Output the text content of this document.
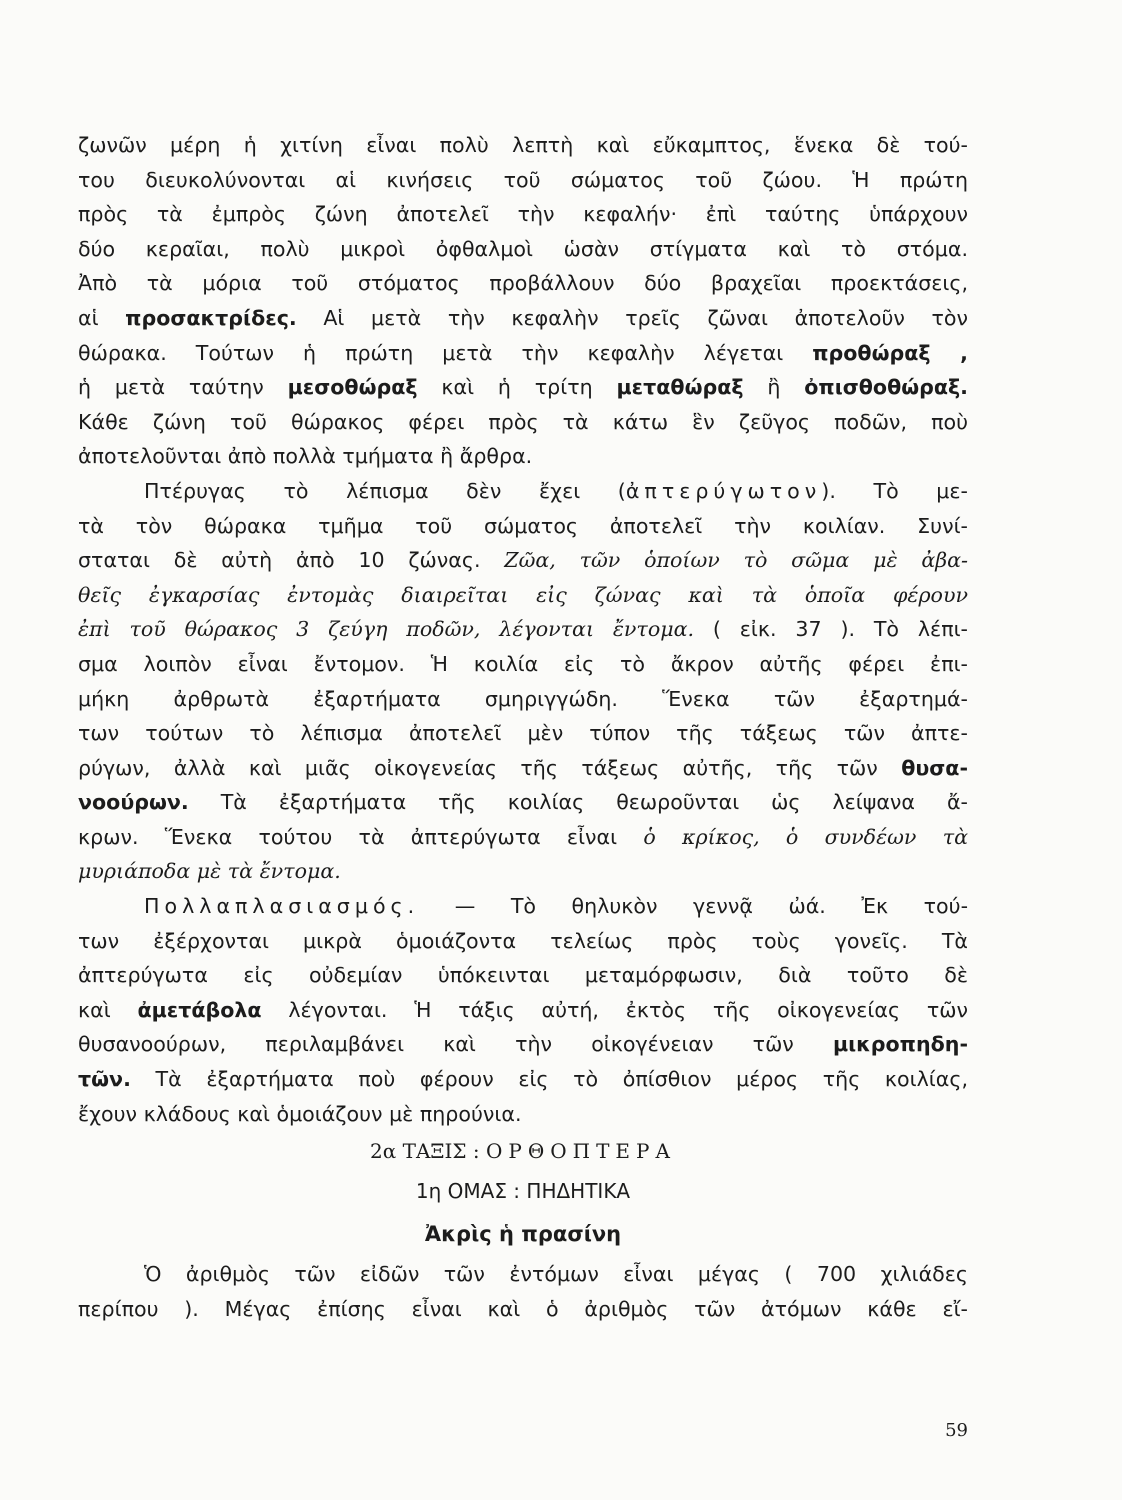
ζωνῶν μέρη ἡ χιτίνη εἶναι πολὺ λεπτὴ καὶ εὔκαμπτος, ἕνεκα δὲ τού-
του διευκολύνονται αἱ κινήσεις τοῦ σώματος τοῦ ζώου. Ἡ πρώτη
πρὸς τὰ ἐμπρὸς ζώνη ἀποτελεῖ τὴν κεφαλήν· ἐπὶ ταύτης ὑπάρχουν
δύο κεραῖαι, πολὺ μικροὶ ὀφθαλμοὶ ὡσὰν στίγματα καὶ τὸ στόμα.
Ἀπὸ τὰ μόρια τοῦ στόματος προβάλλουν δύο βραχεῖαι προεκτάσεις,
αἱ προσακτρίδες. Αἱ μετὰ τὴν κεφαλὴν τρεῖς ζῶναι ἀποτελοῦν τὸν
θώρακα. Τούτων ἡ πρώτη μετὰ τὴν κεφαλὴν λέγεται προθώραξ ,
ἡ μετὰ ταύτην μεσοθώραξ καὶ ἡ τρίτη μεταθώραξ ἢ ὀπισθοθώραξ.
Κάθε ζώνη τοῦ θώρακος φέρει πρὸς τὰ κάτω ἓν ζεῦγος ποδῶν, ποὺ
ἀποτελοῦνται ἀπὸ πολλὰ τμήματα ἢ ἄρθρα.
Πτέρυγας τὸ λέπισμα δὲν ἔχει (ἀπτερύγωτον). Τὸ με-
τὰ τὸν θώρακα τμῆμα τοῦ σώματος ἀποτελεῖ τὴν κοιλίαν. Συνί-
σταται δὲ αὐτὴ ἀπὸ 10 ζώνας. Ζῶα, τῶν ὁποίων τὸ σῶμα μὲ ἀβα-
θεῖς ἐγκαρσίας ἐντομὰς διαιρεῖται εἰς ζώνας καὶ τὰ ὁποῖα φέρουν
ἐπὶ τοῦ θώρακος 3 ζεύγη ποδῶν, λέγονται ἔντομα. ( εἰκ. 37 ). Τὸ λέπι-
σμα λοιπὸν εἶναι ἔντομον. Ἡ κοιλία εἰς τὸ ἄκρον αὐτῆς φέρει ἐπι-
μήκη ἀρθρωτὰ ἐξαρτήματα σμηριγγώδη. Ἕνεκα τῶν ἐξαρτημά-
των τούτων τὸ λέπισμα ἀποτελεῖ μὲν τύπον τῆς τάξεως τῶν ἀπτε-
ρύγων, ἀλλὰ καὶ μιᾶς οἰκογενείας τῆς τάξεως αὐτῆς, τῆς τῶν θυσα-
νοούρων. Τὰ ἐξαρτήματα τῆς κοιλίας θεωροῦνται ὡς λείψανα ἄ-
κρων. Ἕνεκα τούτου τὰ ἀπτερύγωτα εἶναι ὁ κρίκος, ὁ συνδέων τὰ
μυριάποδα μὲ τὰ ἔντομα.
Πολλαπλασιασμός. — Τὸ θηλυκὸν γεννᾷ ὠά. Ἐκ τού-
των ἐξέρχονται μικρὰ ὁμοιάζοντα τελείως πρὸς τοὺς γονεῖς. Τὰ
ἀπτερύγωτα εἰς οὐδεμίαν ὑπόκεινται μεταμόρφωσιν, διὰ τοῦτο δὲ
καὶ ἀμετάβολα λέγονται. Ἡ τάξις αὐτή, ἐκτὸς τῆς οἰκογενείας τῶν
θυσανοούρων, περιλαμβάνει καὶ τὴν οἰκογένειαν τῶν μικροπηδη-
τῶν. Τὰ ἐξαρτήματα ποὺ φέρουν εἰς τὸ ὀπίσθιον μέρος τῆς κοιλίας,
ἔχουν κλάδους καὶ ὁμοιάζουν μὲ πηρούνια.
2α ΤΑΞΙΣ : ΟΡΘΟΠΤΕΡΑ
1η ΟΜΑΣ : ΠΗΔΗΤΙΚΑ
Ἀκρὶς ἡ πρασίνη
Ὁ ἀριθμὸς τῶν εἰδῶν τῶν ἐντόμων εἶναι μέγας ( 700 χιλιάδες
περίπου ). Μέγας ἐπίσης εἶναι καὶ ὁ ἀριθμὸς τῶν ἀτόμων κάθε εἴ-
59
